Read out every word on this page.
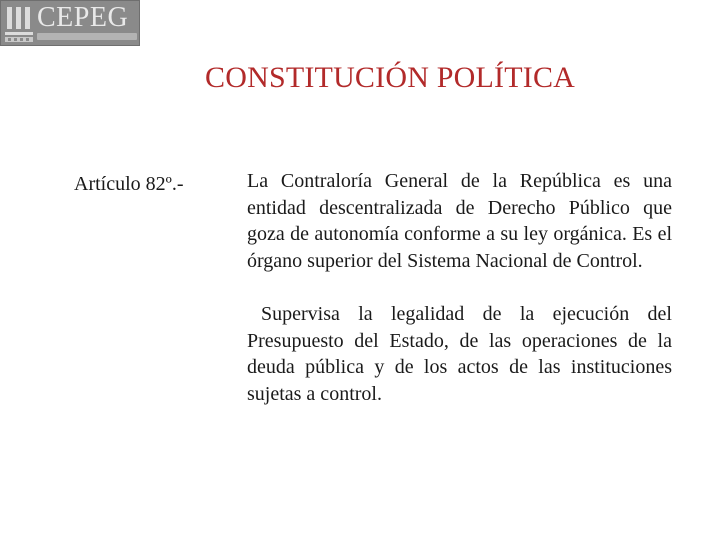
CEPEG
CONSTITUCIÓN POLÍTICA
Artículo 82º.-	La Contraloría General de la República es una entidad descentralizada de Derecho Público que goza de autonomía conforme a su ley orgánica. Es el órgano superior del Sistema Nacional de Control.

Supervisa la legalidad de la ejecución del Presupuesto del Estado, de las operaciones de la deuda pública y de los actos de las instituciones sujetas a control.
